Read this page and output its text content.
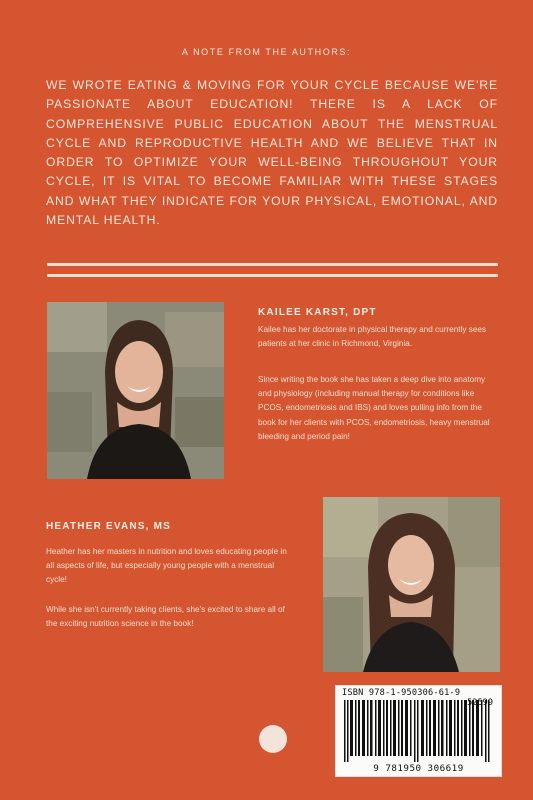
A NOTE FROM THE AUTHORS:
WE WROTE EATING & MOVING FOR YOUR CYCLE BECAUSE WE'RE PASSIONATE ABOUT EDUCATION! THERE IS A LACK OF COMPREHENSIVE PUBLIC EDUCATION ABOUT THE MENSTRUAL CYCLE AND REPRODUCTIVE HEALTH AND WE BELIEVE THAT IN ORDER TO OPTIMIZE YOUR WELL-BEING THROUGHOUT YOUR CYCLE, IT IS VITAL TO BECOME FAMILIAR WITH THESE STAGES AND WHAT THEY INDICATE FOR YOUR PHYSICAL, EMOTIONAL, AND MENTAL HEALTH.
KAILEE KARST, DPT
Kailee has her doctorate in physical therapy and currently sees patients at her clinic in Richmond, Virginia.
Since writing the book she has taken a deep dive into anatomy and physiology (including manual therapy for conditions like PCOS, endometriosis and IBS) and loves pulling info from the book for her clients with PCOS, endometriosis, heavy menstrual bleeding and period pain!
HEATHER EVANS, MS
Heather has her masters in nutrition and loves educating people in all aspects of life, but especially young people with a menstrual cycle!
While she isn't currently taking clients, she's excited to share all of the exciting nutrition science in the book!
ISBN 978-1-950306-61-9
52599
9 781950 306619
